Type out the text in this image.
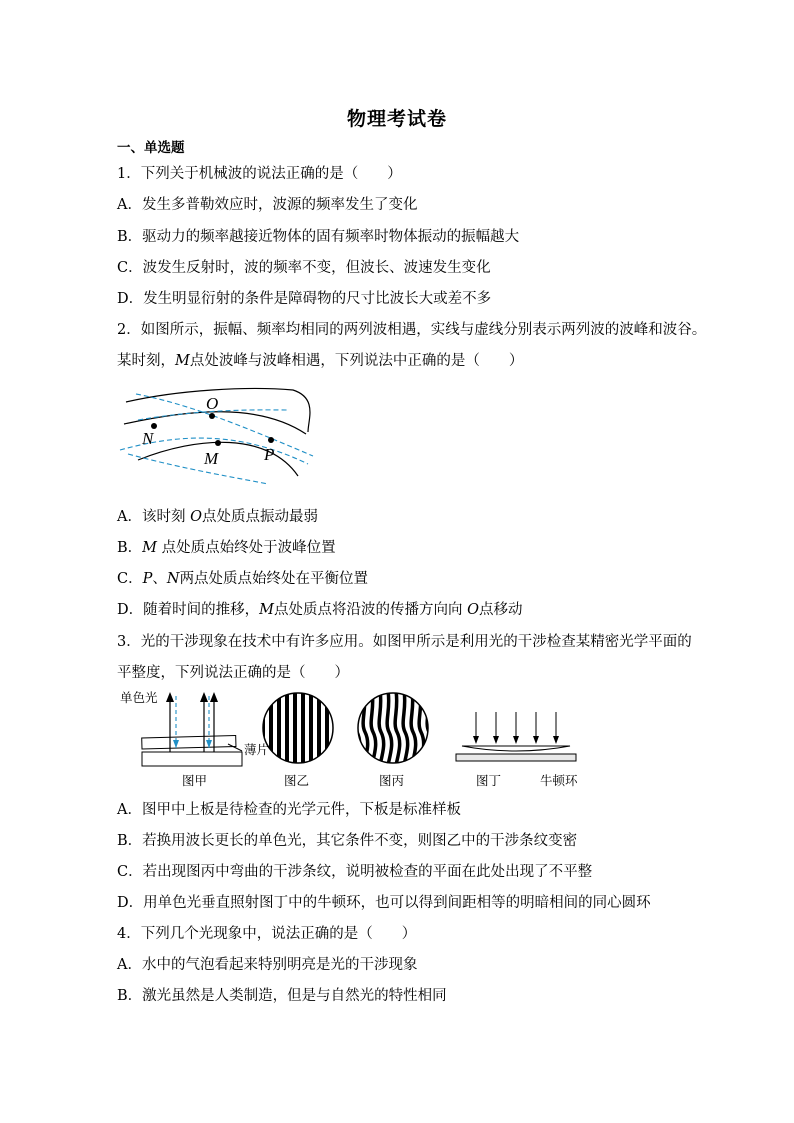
物理考试卷
一、单选题
1．下列关于机械波的说法正确的是（　　）
A．发生多普勒效应时，波源的频率发生了变化
B．驱动力的频率越接近物体的固有频率时物体振动的振幅越大
C．波发生反射时，波的频率不变，但波长、波速发生变化
D．发生明显衍射的条件是障碍物的尺寸比波长大或差不多
2．如图所示，振幅、频率均相同的两列波相遇，实线与虚线分别表示两列波的波峰和波谷。
某时刻，M点处波峰与波峰相遇，下列说法中正确的是（　　）
O
N
M	P
A．该时刻 O点处质点振动最弱
B．M 点处质点始终处于波峰位置
C．P、N两点处质点始终处在平衡位置
D．随着时间的推移，M点处质点将沿波的传播方向向 O点移动
3．光的干涉现象在技术中有许多应用。如图甲所示是利用光的干涉检查某精密光学平面的
平整度，下列说法正确的是（　　）
单色光
薄片
图甲	图乙	图丙	图丁	牛顿环
A．图甲中上板是待检查的光学元件，下板是标准样板
B．若换用波长更长的单色光，其它条件不变，则图乙中的干涉条纹变密
C．若出现图丙中弯曲的干涉条纹，说明被检查的平面在此处出现了不平整
D．用单色光垂直照射图丁中的牛顿环，也可以得到间距相等的明暗相间的同心圆环
4．下列几个光现象中，说法正确的是（　　）
A．水中的气泡看起来特别明亮是光的干涉现象
B．激光虽然是人类制造，但是与自然光的特性相同
